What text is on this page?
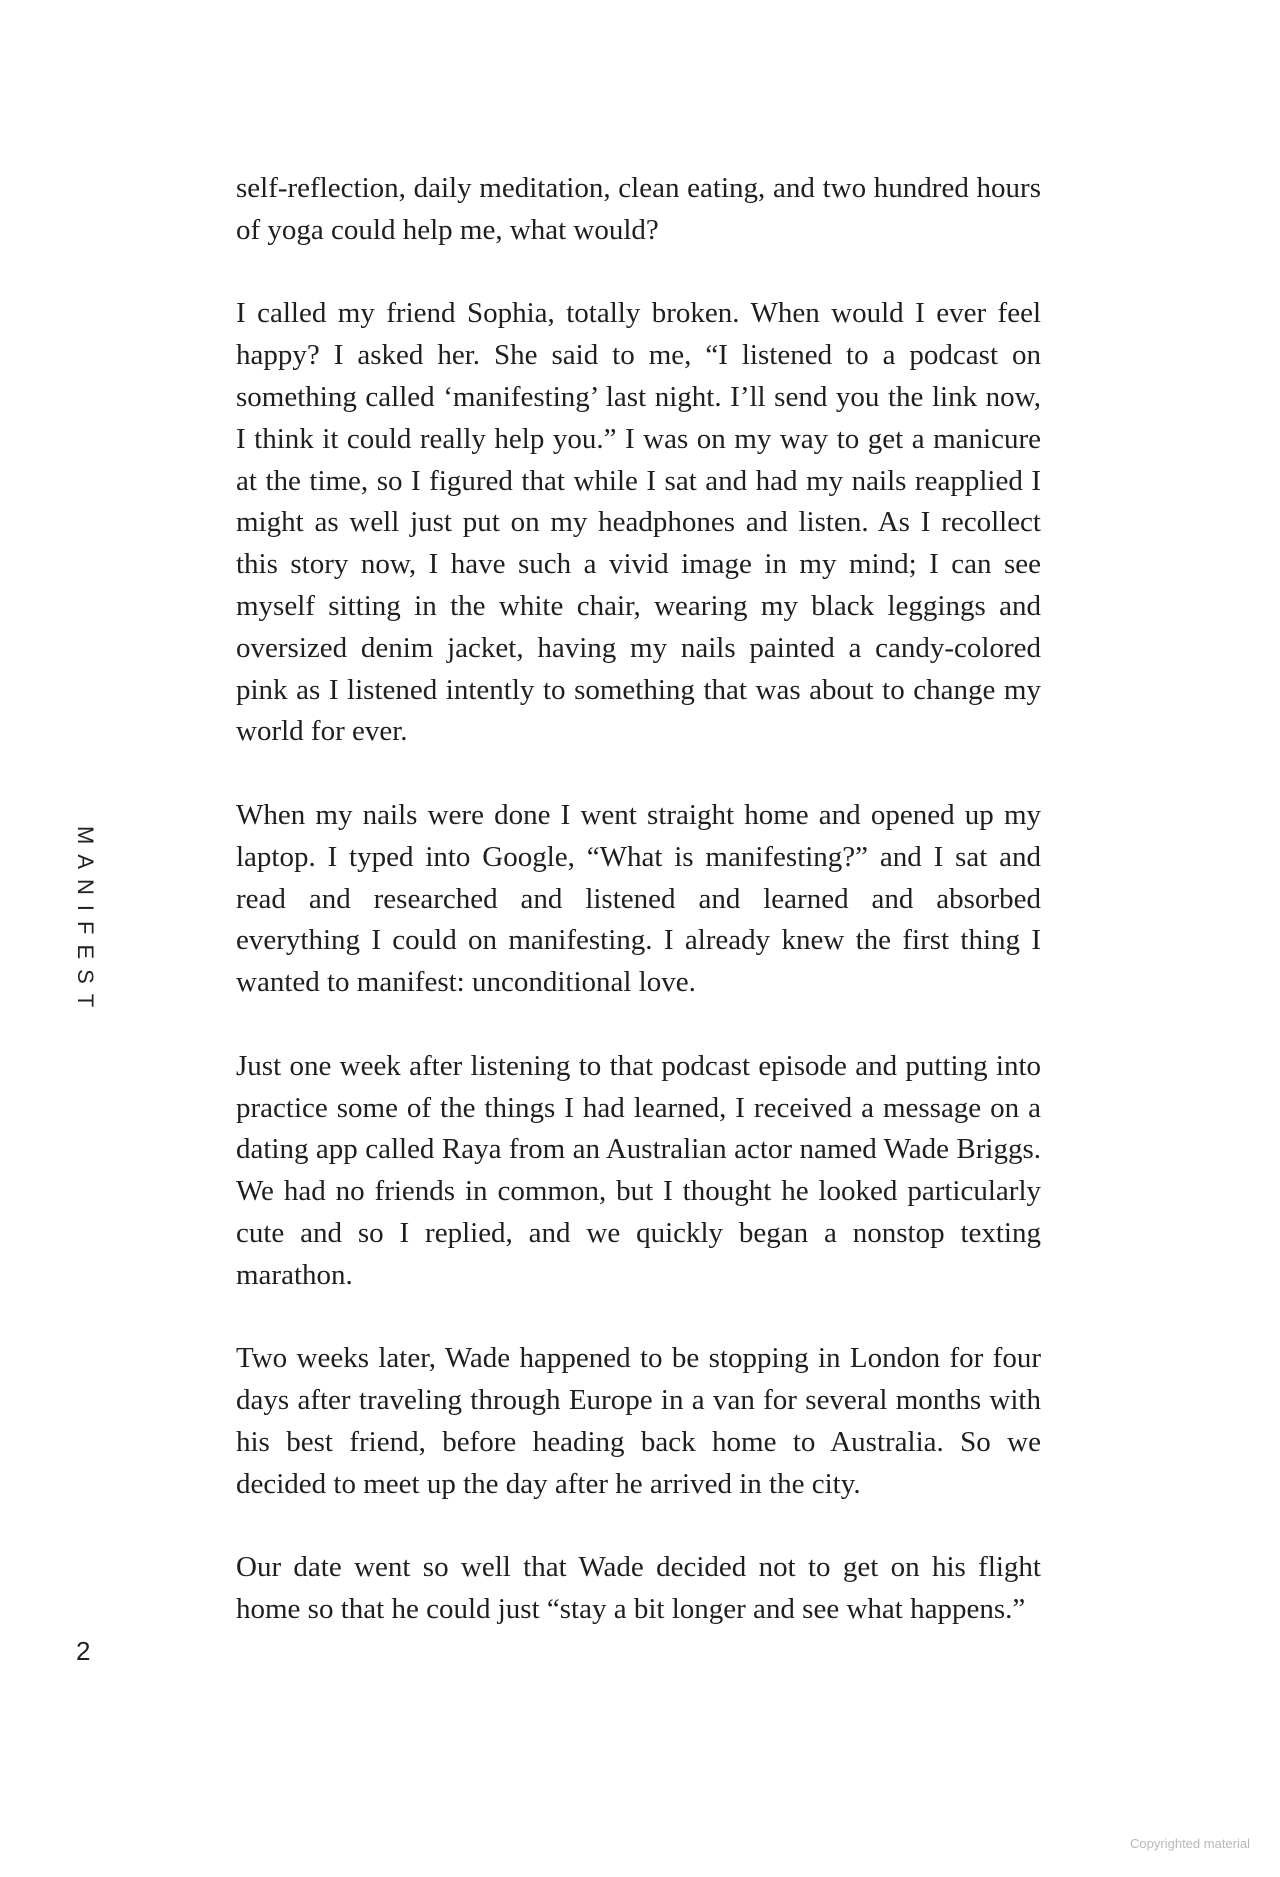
self-reflection, daily meditation, clean eating, and two hundred hours of yoga could help me, what would?

I called my friend Sophia, totally broken. When would I ever feel happy? I asked her. She said to me, “I listened to a podcast on something called ‘manifesting’ last night. I’ll send you the link now, I think it could really help you.” I was on my way to get a manicure at the time, so I figured that while I sat and had my nails reapplied I might as well just put on my headphones and listen. As I recollect this story now, I have such a vivid image in my mind; I can see myself sitting in the white chair, wearing my black leggings and oversized denim jacket, having my nails painted a candy-colored pink as I listened intently to something that was about to change my world for ever.

When my nails were done I went straight home and opened up my laptop. I typed into Google, “What is manifesting?” and I sat and read and researched and listened and learned and absorbed everything I could on manifesting. I already knew the first thing I wanted to manifest: unconditional love.

Just one week after listening to that podcast episode and putting into practice some of the things I had learned, I received a message on a dating app called Raya from an Australian actor named Wade Briggs. We had no friends in common, but I thought he looked particularly cute and so I replied, and we quickly began a nonstop texting marathon.

Two weeks later, Wade happened to be stopping in London for four days after traveling through Europe in a van for several months with his best friend, before heading back home to Australia. So we decided to meet up the day after he arrived in the city.

Our date went so well that Wade decided not to get on his flight home so that he could just “stay a bit longer and see what happens.”

MANIFEST
2
Copyrighted material
